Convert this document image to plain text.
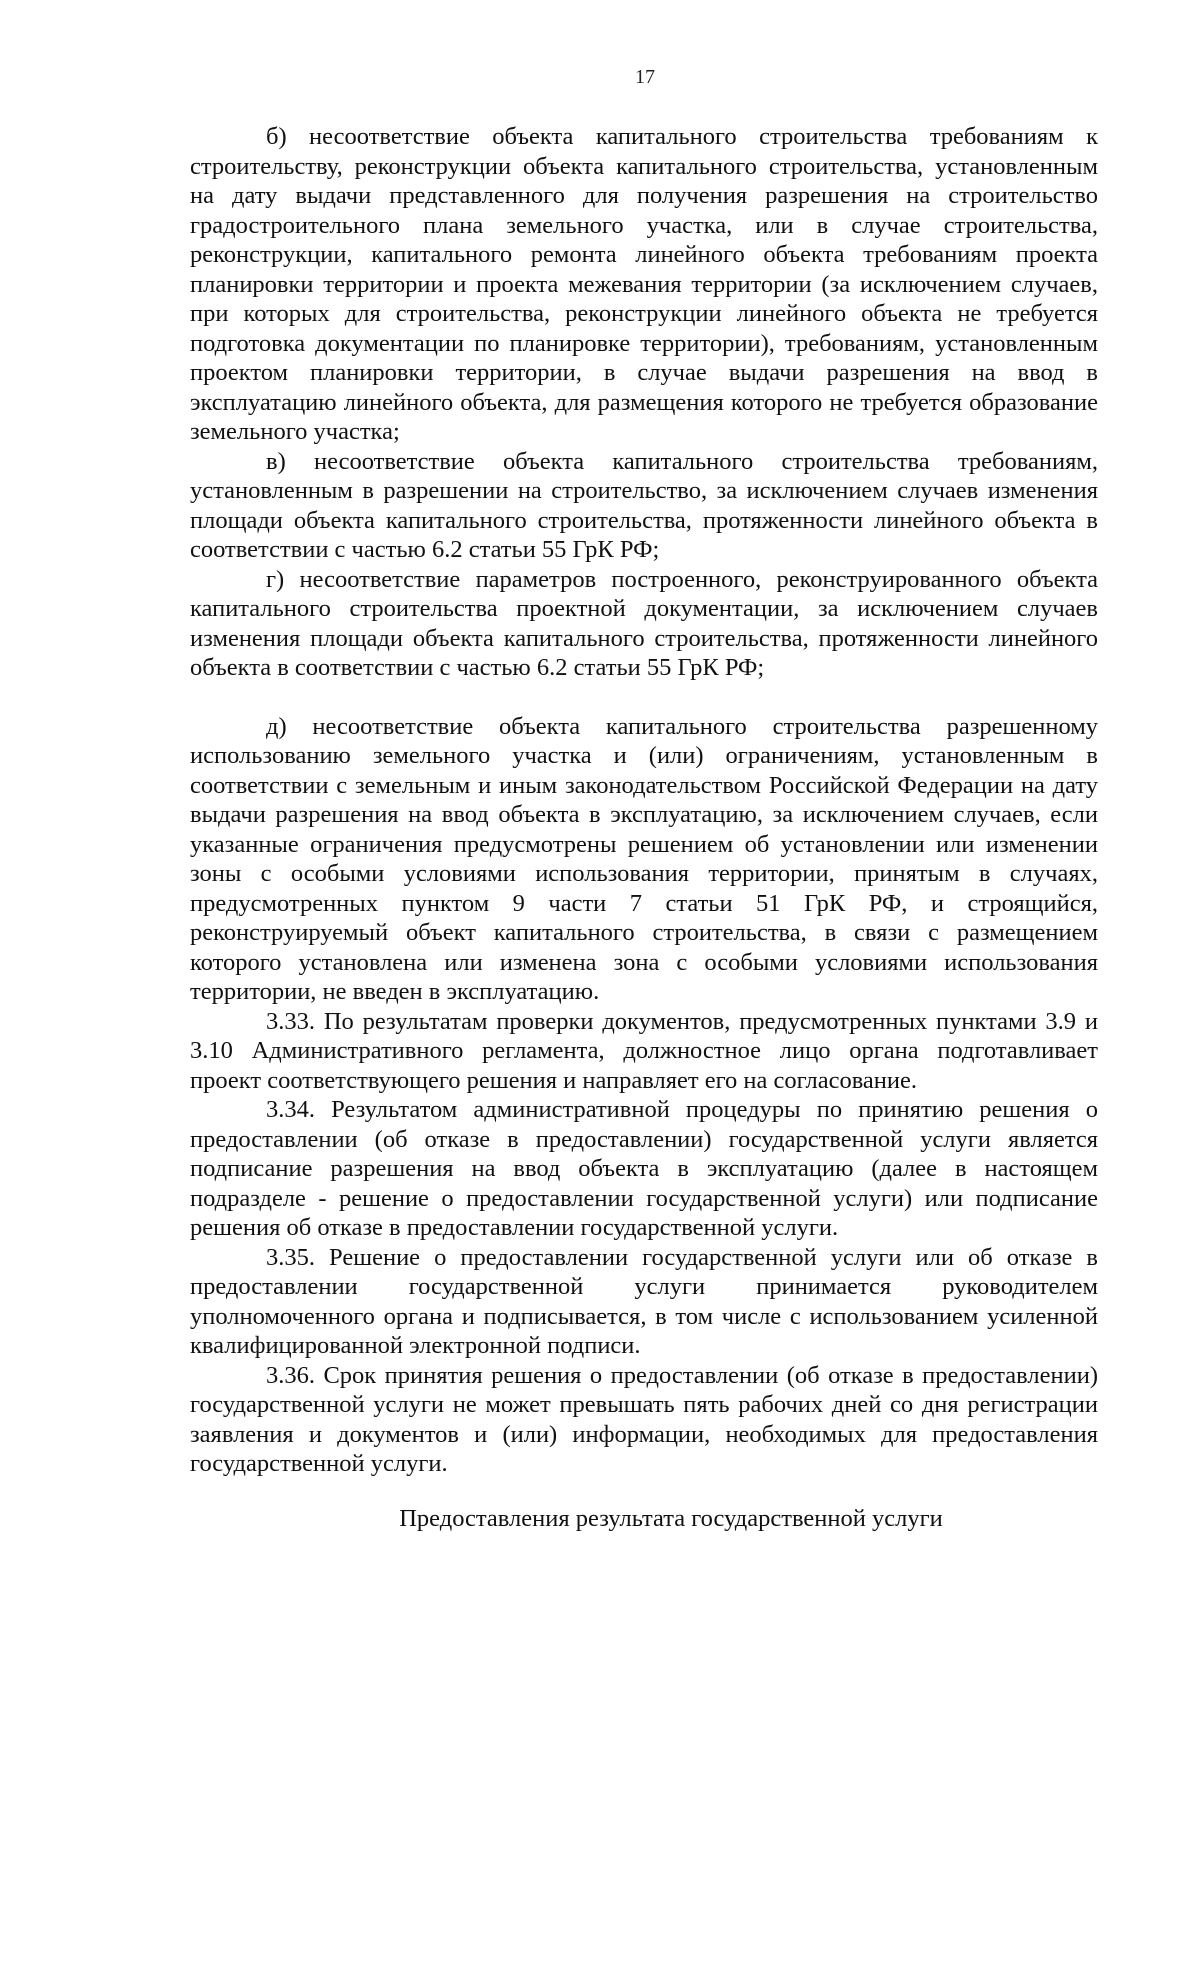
17

б) несоответствие объекта капитального строительства требованиям к строительству, реконструкции объекта капитального строительства, установленным на дату выдачи представленного для получения разрешения на строительство градостроительного плана земельного участка, или в случае строительства, реконструкции, капитального ремонта линейного объекта требованиям проекта планировки территории и проекта межевания территории (за исключением случаев, при которых для строительства, реконструкции линейного объекта не требуется подготовка документации по планировке территории), требованиям, установленным проектом планировки территории, в случае выдачи разрешения на ввод в эксплуатацию линейного объекта, для размещения которого не требуется образование земельного участка;

в) несоответствие объекта капитального строительства требованиям, установленным в разрешении на строительство, за исключением случаев изменения площади объекта капитального строительства, протяженности линейного объекта в соответствии с частью 6.2 статьи 55 ГрК РФ;

г) несоответствие параметров построенного, реконструированного объекта капитального строительства проектной документации, за исключением случаев изменения площади объекта капитального строительства, протяженности линейного объекта в соответствии с частью 6.2 статьи 55 ГрК РФ;

д) несоответствие объекта капитального строительства разрешенному использованию земельного участка и (или) ограничениям, установленным в соответствии с земельным и иным законодательством Российской Федерации на дату выдачи разрешения на ввод объекта в эксплуатацию, за исключением случаев, если указанные ограничения предусмотрены решением об установлении или изменении зоны с особыми условиями использования территории, принятым в случаях, предусмотренных пунктом 9 части 7 статьи 51 ГрК РФ, и строящийся, реконструируемый объект капитального строительства, в связи с размещением которого установлена или изменена зона с особыми условиями использования территории, не введен в эксплуатацию.

3.33. По результатам проверки документов, предусмотренных пунктами 3.9 и 3.10 Административного регламента, должностное лицо органа подготавливает проект соответствующего решения и направляет его на согласование.

3.34. Результатом административной процедуры по принятию решения о предоставлении (об отказе в предоставлении) государственной услуги является подписание разрешения на ввод объекта в эксплуатацию (далее в настоящем подразделе - решение о предоставлении государственной услуги) или подписание решения об отказе в предоставлении государственной услуги.

3.35. Решение о предоставлении государственной услуги или об отказе в предоставлении государственной услуги принимается руководителем уполномоченного органа и подписывается, в том числе с использованием усиленной квалифицированной электронной подписи.

3.36. Срок принятия решения о предоставлении (об отказе в предоставлении) государственной услуги не может превышать пять рабочих дней со дня регистрации заявления и документов и (или) информации, необходимых для предоставления государственной услуги.

Предоставления результата государственной услуги
